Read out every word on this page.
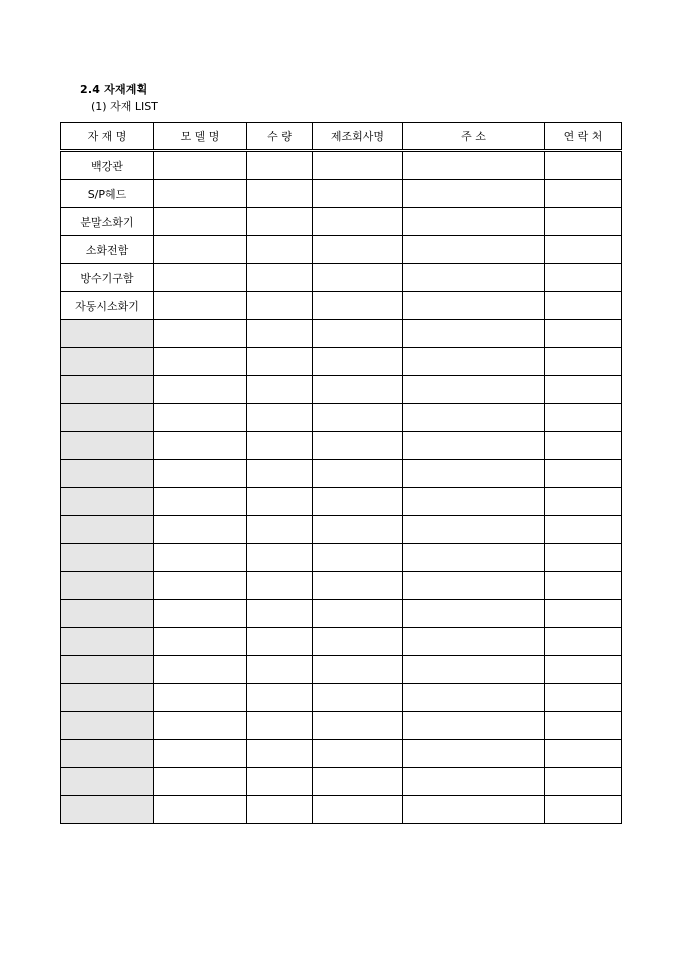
2.4 자재계획
(1) 자재 LIST
자 재 명	모 델 명	수 량	제조회사명	주 소	연 락 처
백강관					
S/P헤드					
분말소화기					
소화전함					
방수기구함					
자동시소화기					
